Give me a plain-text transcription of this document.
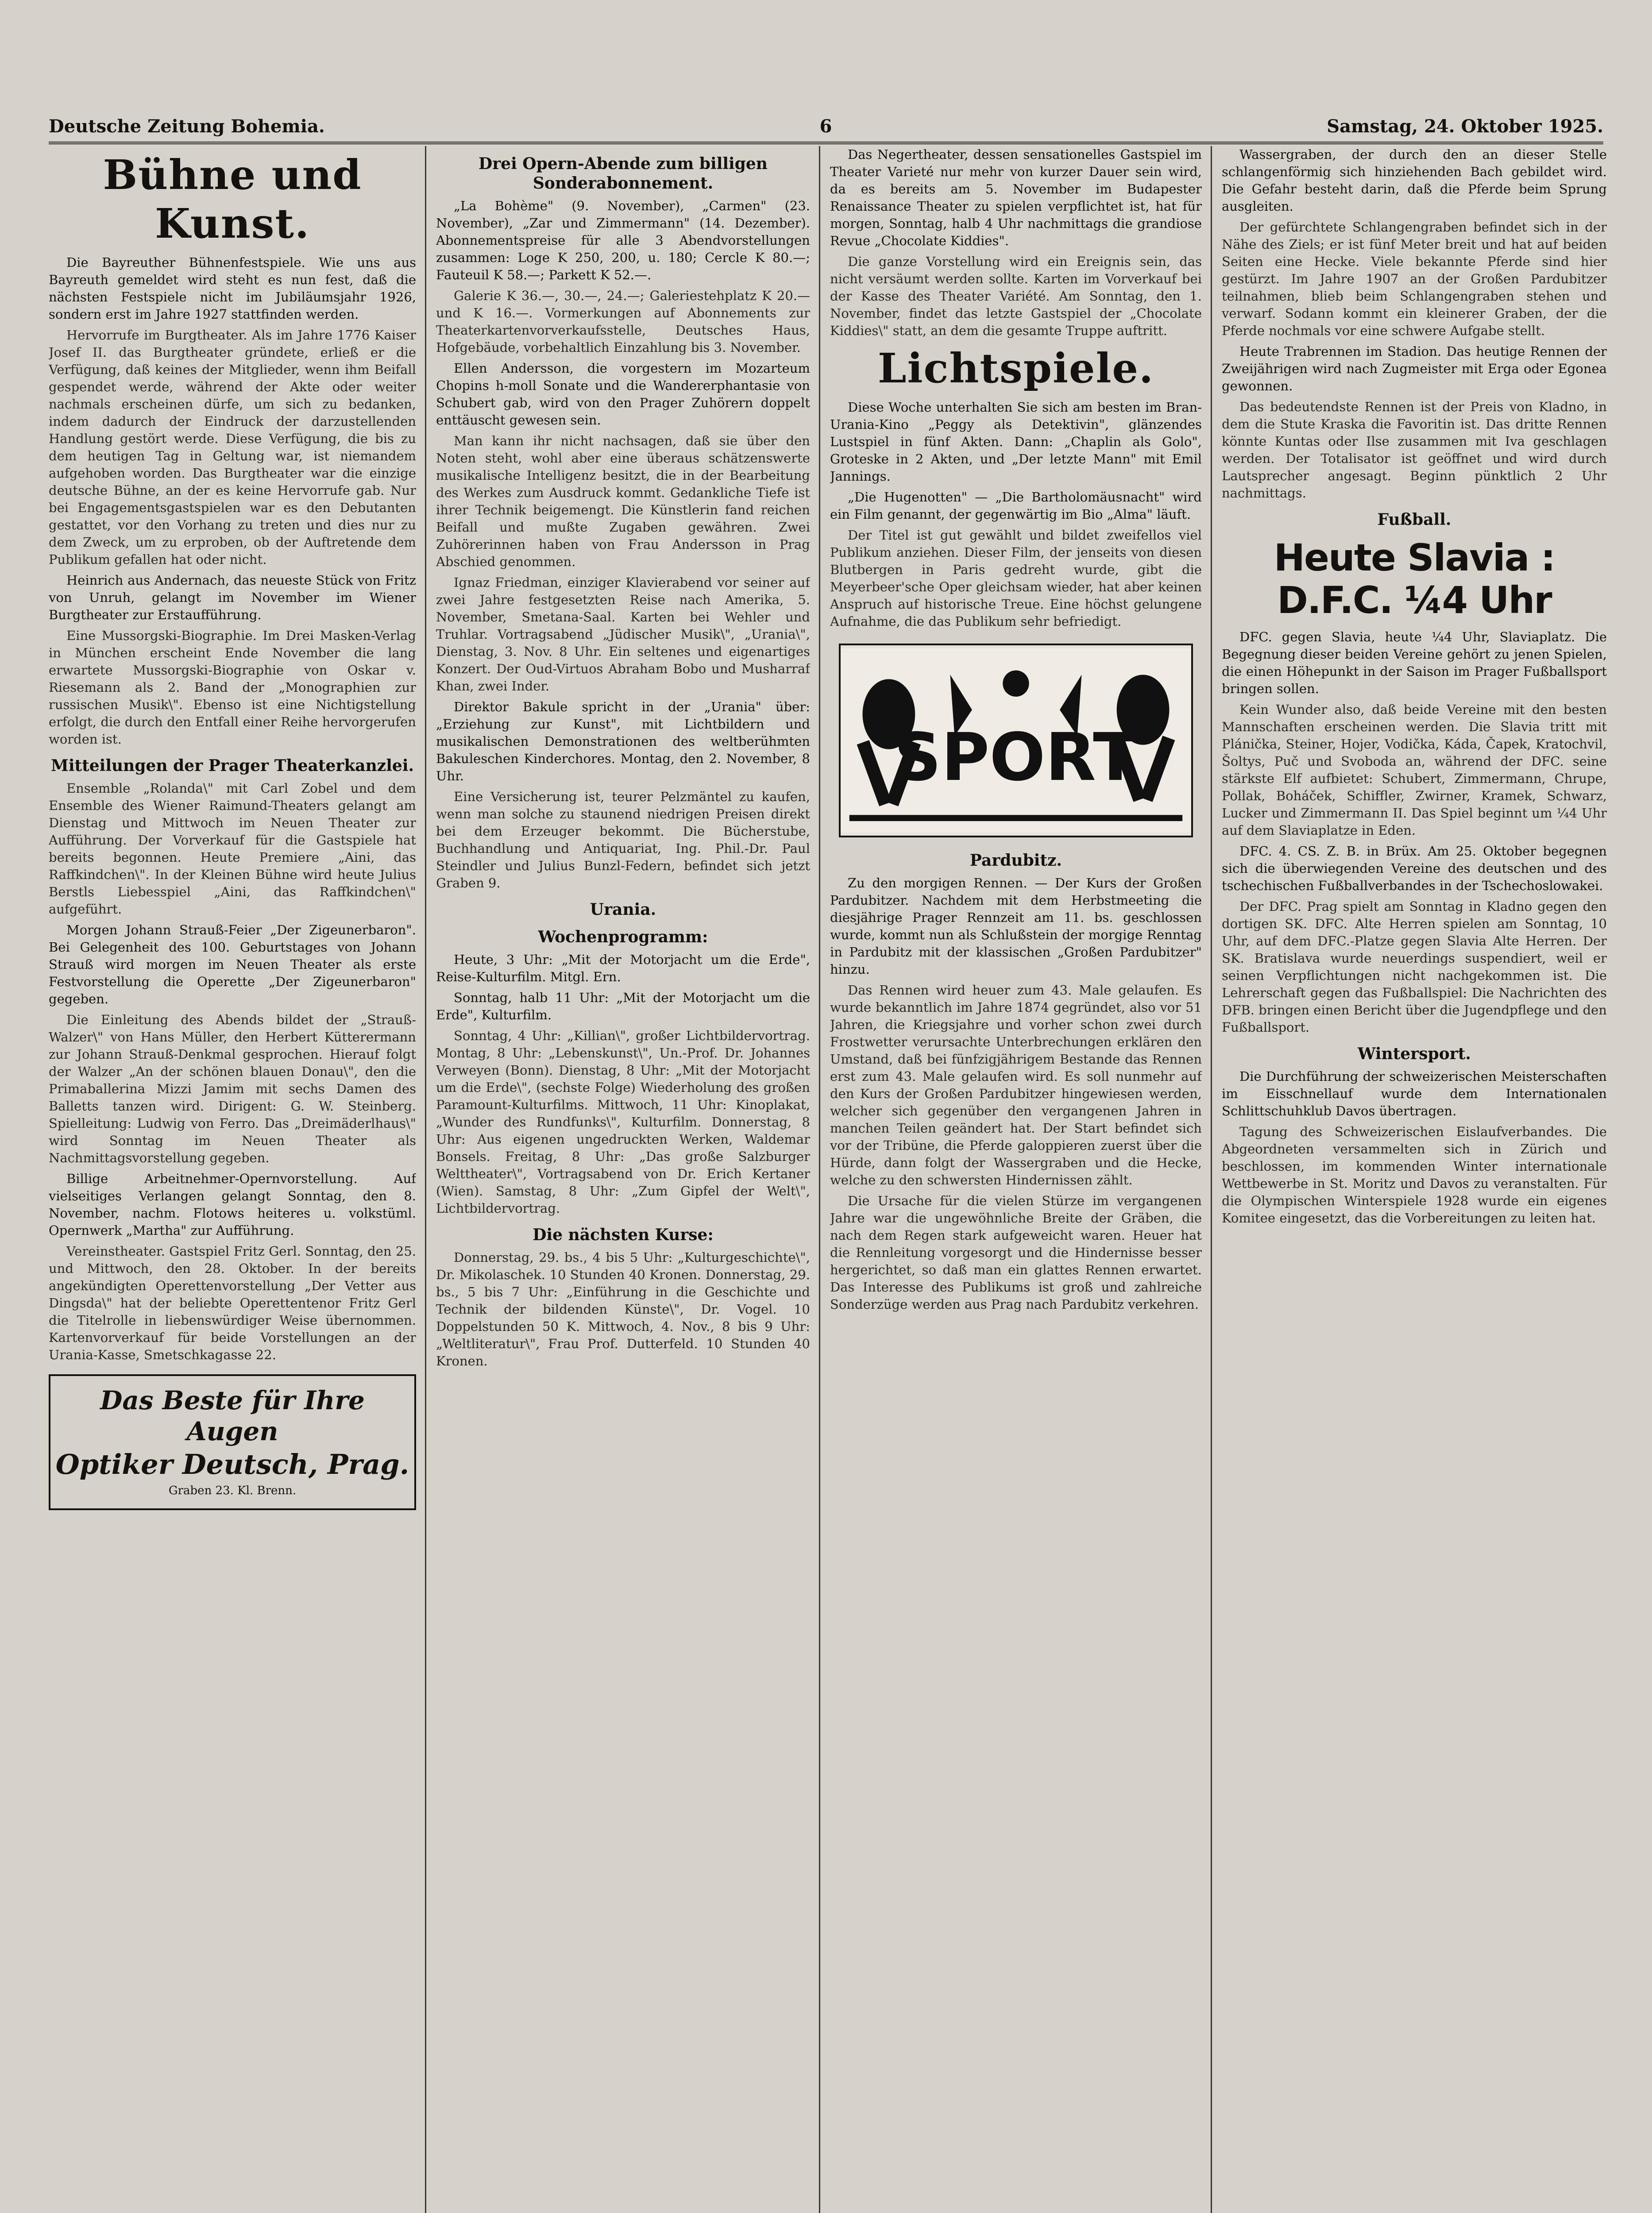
Deutsche Zeitung Bohemia.	6	Samstag, 24. Oktober 1925.
Bühne und Kunst.

Die Bayreuther Bühnenfestspiele. Wie uns aus Bayreuth gemeldet wird steht es nun fest, daß die nächsten Festspiele nicht im Jubiläumsjahr 1926, sondern erst im Jahre 1927 stattfinden werden.

Hervorrufe im Burgtheater. Als im Jahre 1776 Kaiser Josef II. das Burgtheater gründete, erließ er die Verfügung, daß keines der Mitglieder, wenn ihm Beifall gespendet werde, während der Akte oder weiter nachmals erscheinen dürfe, um sich zu bedanken, indem dadurch der Eindruck der darzustellenden Handlung gestört werde. Diese Verfügung, die bis zu dem heutigen Tag in Geltung war, ist niemandem aufgehoben worden. Das Burgtheater war die einzige deutsche Bühne, an der es keine Hervorrufe gab. Nur bei Engagementsgastspielen war es den Debutanten gestattet, vor den Vorhang zu treten und dies nur zu dem Zweck, um zu erproben, ob der Auftretende dem Publikum gefallen hat oder nicht.

Heinrich aus Andernach, das neueste Stück von Fritz von Unruh, gelangt im November im Wiener Burgtheater zur Erstaufführung.

Eine Mussorgski-Biographie. Im Drei Masken-Verlag in München erscheint Ende November die lang erwartete Mussorgski-Biographie von Oskar v. Riesemann als 2. Band der „Monographien zur russischen Musik\". Ebenso ist eine Nichtigstellung erfolgt, die durch den Entfall einer Reihe hervorgerufen worden ist.

Mitteilungen der Prager Theaterkanzlei.

Ensemble „Rolanda\" mit Carl Zobel und dem Ensemble des Wiener Raimund-Theaters gelangt am Dienstag und Mittwoch im Neuen Theater zur Aufführung. Der Vorverkauf für die Gastspiele hat bereits begonnen. Heute Premiere „Aini, das Raffkindchen\". In der Kleinen Bühne wird heute Julius Berstls Liebesspiel „Aini, das Raffkindchen\" aufgeführt.

Morgen Johann Strauß-Feier „Der Zigeunerbaron". Bei Gelegenheit des 100. Geburtstages von Johann Strauß wird morgen im Neuen Theater als erste Festvorstellung die Operette „Der Zigeunerbaron" gegeben.

Die Einleitung des Abends bildet der „Strauß-Walzer\" von Hans Müller, den Herbert Kütterermann zur Johann Strauß-Denkmal gesprochen. Hierauf folgt der Walzer „An der schönen blauen Donau\", den die Primaballerina Mizzi Jamim mit sechs Damen des Balletts tanzen wird. Dirigent: G. W. Steinberg. Spielleitung: Ludwig von Ferro. Das „Dreimäderlhaus\" wird Sonntag im Neuen Theater als Nachmittagsvorstellung gegeben.

Billige Arbeitnehmer-Opernvorstellung. Auf vielseitiges Verlangen gelangt Sonntag, den 8. November, nachm. Flotows heiteres u. volkstüml. Opernwerk „Martha" zur Aufführung.

Vereinstheater. Gastspiel Fritz Gerl. Sonntag, den 25. und Mittwoch, den 28. Oktober. In der bereits angekündigten Operettenvorstellung „Der Vetter aus Dingsda\" hat der beliebte Operettentenor Fritz Gerl die Titelrolle in liebenswürdiger Weise übernommen. Kartenvorverkauf für beide Vorstellungen an der Urania-Kasse, Smetschkagasse 22.

Das Beste für Ihre Augen
Optiker Deutsch, Prag.
Graben 23. Kl. Brenn.
Drei Opern-Abende zum billigen Sonderabonnement.

„La Bohème" (9. November), „Carmen" (23. November), „Zar und Zimmermann" (14. Dezember). Abonnementspreise für alle 3 Abendvorstellungen zusammen: Loge K 250, 200, u. 180; Cercle K 80.—; Fauteuil K 58.—; Parkett K 52.—.

Galerie K 36.—, 30.—, 24.—; Galeriestehplatz K 20.— und K 16.—. Vormerkungen auf Abonnements zur Theaterkartenvorverkaufsstelle, Deutsches Haus, Hofgebäude, vorbehaltlich Einzahlung bis 3. November.

Ellen Andersson, die vorgestern im Mozarteum Chopins h-moll Sonate und die Wandererphantasie von Schubert gab, wird von den Prager Zuhörern doppelt enttäuscht gewesen sein.

Man kann ihr nicht nachsagen, daß sie über den Noten steht, wohl aber eine überaus schätzenswerte musikalische Intelligenz besitzt, die in der Bearbeitung des Werkes zum Ausdruck kommt. Gedankliche Tiefe ist ihrer Technik beigemengt. Die Künstlerin fand reichen Beifall und mußte Zugaben gewähren. Zwei Zuhörerinnen haben von Frau Andersson in Prag Abschied genommen.

Ignaz Friedman, einziger Klavierabend vor seiner auf zwei Jahre festgesetzten Reise nach Amerika, 5. November, Smetana-Saal. Karten bei Wehler und Truhlar. Vortragsabend „Jüdischer Musik\", „Urania\", Dienstag, 3. Nov. 8 Uhr. Ein seltenes und eigenartiges Konzert. Der Oud-Virtuos Abraham Bobo und Musharraf Khan, zwei Inder.

Direktor Bakule spricht in der „Urania" über: „Erziehung zur Kunst", mit Lichtbildern und musikalischen Demonstrationen des weltberühmten Bakuleschen Kinderchores. Montag, den 2. November, 8 Uhr.

Eine Versicherung ist, teurer Pelzmäntel zu kaufen, wenn man solche zu staunend niedrigen Preisen direkt bei dem Erzeuger bekommt. Die Bücherstube, Buchhandlung und Antiquariat, Ing. Phil.-Dr. Paul Steindler und Julius Bunzl-Federn, befindet sich jetzt Graben 9.

Urania.
Wochenprogramm:

Heute, 3 Uhr: „Mit der Motorjacht um die Erde", Reise-Kulturfilm. Mitgl. Ern.

Sonntag, halb 11 Uhr: „Mit der Motorjacht um die Erde", Kulturfilm.

Sonntag, 4 Uhr: „Killian\", großer Lichtbildervortrag. Montag, 8 Uhr: „Lebenskunst\", Un.-Prof. Dr. Johannes Verweyen (Bonn). Dienstag, 8 Uhr: „Mit der Motorjacht um die Erde\", (sechste Folge) Wiederholung des großen Paramount-Kulturfilms. Mittwoch, 11 Uhr: Kinoplakat, „Wunder des Rundfunks\", Kulturfilm. Donnerstag, 8 Uhr: Aus eigenen ungedruckten Werken, Waldemar Bonsels. Freitag, 8 Uhr: „Das große Salzburger Welttheater\", Vortragsabend von Dr. Erich Kertaner (Wien). Samstag, 8 Uhr: „Zum Gipfel der Welt\", Lichtbildervortrag.

Die nächsten Kurse:

Donnerstag, 29. bs., 4 bis 5 Uhr: „Kulturgeschichte\", Dr. Mikolaschek. 10 Stunden 40 Kronen. Donnerstag, 29. bs., 5 bis 7 Uhr: „Einführung in die Geschichte und Technik der bildenden Künste\", Dr. Vogel. 10 Doppelstunden 50 K. Mittwoch, 4. Nov., 8 bis 9 Uhr: „Weltliteratur\", Frau Prof. Dutterfeld. 10 Stunden 40 Kronen.

Das Negertheater, dessen sensationelles Gastspiel im Theater Varieté nur mehr von kurzer Dauer sein wird, da es bereits am 5. November im Budapester Renaissance Theater zu spielen verpflichtet ist, hat für morgen, Sonntag, halb 4 Uhr nachmittags die grandiose Revue „Chocolate Kiddies".

Die ganze Vorstellung wird ein Ereignis sein, das nicht versäumt werden sollte. Karten im Vorverkauf bei der Kasse des Theater Variété. Am Sonntag, den 1. November, findet das letzte Gastspiel der „Chocolate Kiddies\" statt, an dem die gesamte Truppe auftritt.

Lichtspiele.

Diese Woche unterhalten Sie sich am besten im Bran-Urania-Kino „Peggy als Detektivin", glänzendes Lustspiel in fünf Akten. Dann: „Chaplin als Golo", Groteske in 2 Akten, und „Der letzte Mann" mit Emil Jannings.

„Die Hugenotten" — „Die Bartholomäusnacht" wird ein Film genannt, der gegenwärtig im Bio „Alma" läuft.

Der Titel ist gut gewählt und bildet zweifellos viel Publikum anziehen. Dieser Film, der jenseits von diesen Blutbergen in Paris gedreht wurde, gibt die Meyerbeer'sche Oper gleichsam wieder, hat aber keinen Anspruch auf historische Treue. Eine höchst gelungene Aufnahme, die das Publikum sehr befriedigt.

SPORT
Pardubitz.

Zu den morgigen Rennen. — Der Kurs der Großen Pardubitzer. Nachdem mit dem Herbstmeeting die diesjährige Prager Rennzeit am 11. bs. geschlossen wurde, kommt nun als Schlußstein der morgige Renntag in Pardubitz mit der klassischen „Großen Pardubitzer" hinzu.

Das Rennen wird heuer zum 43. Male gelaufen. Es wurde bekanntlich im Jahre 1874 gegründet, also vor 51 Jahren, die Kriegsjahre und vorher schon zwei durch Frostwetter verursachte Unterbrechungen erklären den Umstand, daß bei fünfzigjährigem Bestande das Rennen erst zum 43. Male gelaufen wird. Es soll nunmehr auf den Kurs der Großen Pardubitzer hingewiesen werden, welcher sich gegenüber den vergangenen Jahren in manchen Teilen geändert hat. Der Start befindet sich vor der Tribüne, die Pferde galoppieren zuerst über die Hürde, dann folgt der Wassergraben und die Hecke, welche zu den schwersten Hindernissen zählt.

Die Ursache für die vielen Stürze im vergangenen Jahre war die ungewöhnliche Breite der Gräben, die nach dem Regen stark aufgeweicht waren. Heuer hat die Rennleitung vorgesorgt und die Hindernisse besser hergerichtet, so daß man ein glattes Rennen erwartet. Das Interesse des Publikums ist groß und zahlreiche Sonderzüge werden aus Prag nach Pardubitz verkehren.

Wassergraben, der durch den an dieser Stelle schlangenförmig sich hinziehenden Bach gebildet wird. Die Gefahr besteht darin, daß die Pferde beim Sprung ausgleiten.

Der gefürchtete Schlangengraben befindet sich in der Nähe des Ziels; er ist fünf Meter breit und hat auf beiden Seiten eine Hecke. Viele bekannte Pferde sind hier gestürzt. Im Jahre 1907 an der Großen Pardubitzer teilnahmen, blieb beim Schlangengraben stehen und verwarf. Sodann kommt ein kleinerer Graben, der die Pferde nochmals vor eine schwere Aufgabe stellt.

Heute Trabrennen im Stadion. Das heutige Rennen der Zweijährigen wird nach Zugmeister mit Erga oder Egonea gewonnen.

Das bedeutendste Rennen ist der Preis von Kladno, in dem die Stute Kraska die Favoritin ist. Das dritte Rennen könnte Kuntas oder Ilse zusammen mit Iva geschlagen werden. Der Totalisator ist geöffnet und wird durch Lautsprecher angesagt. Beginn pünktlich 2 Uhr nachmittags.

Fußball.
Heute Slavia : D.F.C. ¼4 Uhr

DFC. gegen Slavia, heute ¼4 Uhr, Slaviaplatz. Die Begegnung dieser beiden Vereine gehört zu jenen Spielen, die einen Höhepunkt in der Saison im Prager Fußballsport bringen sollen.

Kein Wunder also, daß beide Vereine mit den besten Mannschaften erscheinen werden. Die Slavia tritt mit Plánička, Steiner, Hojer, Vodička, Káda, Čapek, Kratochvil, Šoltys, Puč und Svoboda an, während der DFC. seine stärkste Elf aufbietet: Schubert, Zimmermann, Chrupe, Pollak, Boháček, Schiffler, Zwirner, Kramek, Schwarz, Lucker und Zimmermann II. Das Spiel beginnt um ¼4 Uhr auf dem Slaviaplatze in Eden.

DFC. 4. CS. Z. B. in Brüx. Am 25. Oktober begegnen sich die überwiegenden Vereine des deutschen und des tschechischen Fußballverbandes in der Tschechoslowakei.

Der DFC. Prag spielt am Sonntag in Kladno gegen den dortigen SK. DFC. Alte Herren spielen am Sonntag, 10 Uhr, auf dem DFC.-Platze gegen Slavia Alte Herren. Der SK. Bratislava wurde neuerdings suspendiert, weil er seinen Verpflichtungen nicht nachgekommen ist. Die Lehrerschaft gegen das Fußballspiel: Die Nachrichten des DFB. bringen einen Bericht über die Jugendpflege und den Fußballsport.

Wintersport.

Die Durchführung der schweizerischen Meisterschaften im Eisschnellauf wurde dem Internationalen Schlittschuhklub Davos übertragen.

Tagung des Schweizerischen Eislaufverbandes. Die Abgeordneten versammelten sich in Zürich und beschlossen, im kommenden Winter internationale Wettbewerbe in St. Moritz und Davos zu veranstalten. Für die Olympischen Winterspiele 1928 wurde ein eigenes Komitee eingesetzt, das die Vorbereitungen zu leiten hat.
